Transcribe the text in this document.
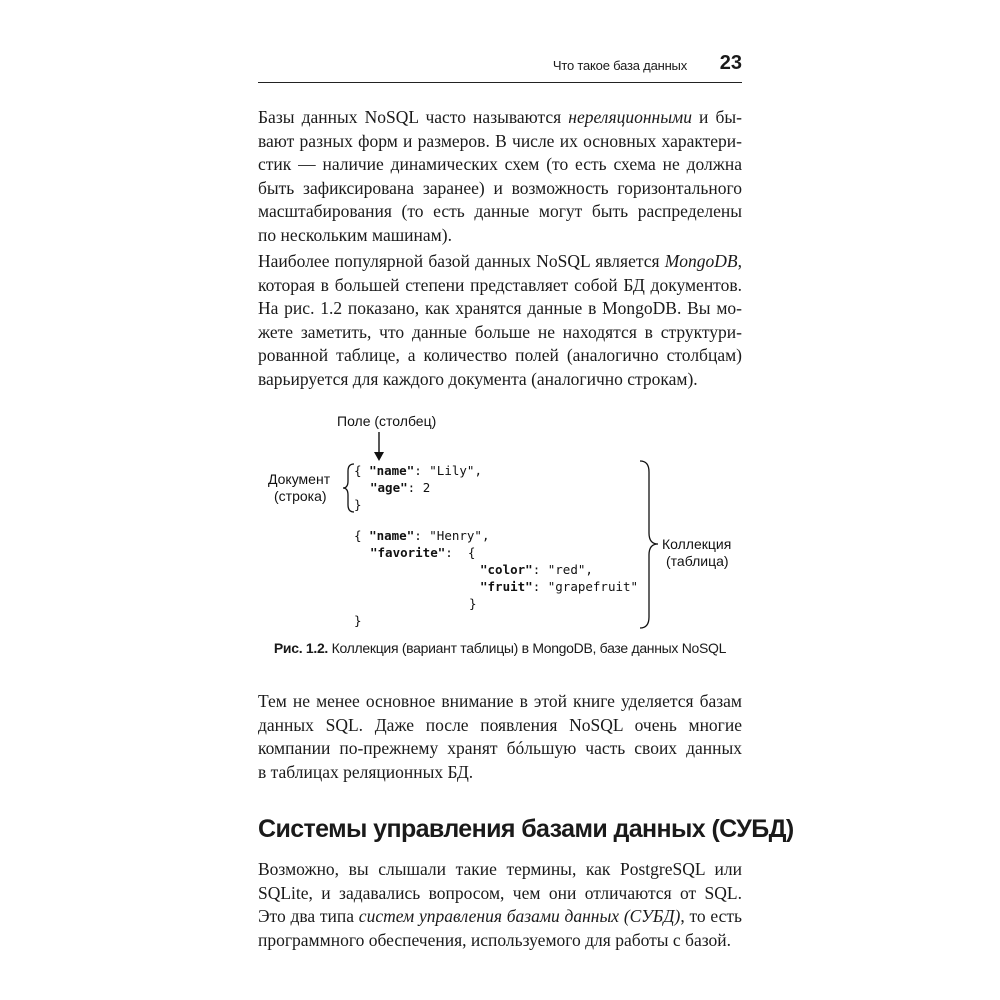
Что такое база данных 23

Базы данных NoSQL часто называются нереляционными и бы-
вают разных форм и размеров. В числе их основных характери-
стик — наличие динамических схем (то есть схема не должна
быть зафиксирована заранее) и возможность горизонтального
масштабирования (то есть данные могут быть распределены
по нескольким машинам).

Наиболее популярной базой данных NoSQL является MongoDB,
которая в большей степени представляет собой БД документов.
На рис. 1.2 показано, как хранятся данные в MongoDB. Вы мо-
жете заметить, что данные больше не находятся в структури-
рованной таблице, а количество полей (аналогично столбцам)
варьируется для каждого документа (аналогично строкам).

Поле (столбец)
Документ
(строка)
{ "name": "Lily",
"age": 2
}
{ "name": "Henry",
"favorite":  {
"color": "red",
"fruit": "grapefruit"
}
}
Коллекция
(таблица)
Рис. 1.2. Коллекция (вариант таблицы) в MongoDB, базе данных NoSQL

Тем не менее основное внимание в этой книге уделяется базам
данных SQL. Даже после появления NoSQL очень многие
компании по-прежнему хранят бóльшую часть своих данных
в таблицах реляционных БД.

Системы управления базами данных (СУБД)

Возможно, вы слышали такие термины, как PostgreSQL или
SQLite, и задавались вопросом, чем они отличаются от SQL.
Это два типа систем управления базами данных (СУБД), то есть
программного обеспечения, используемого для работы с базой.
